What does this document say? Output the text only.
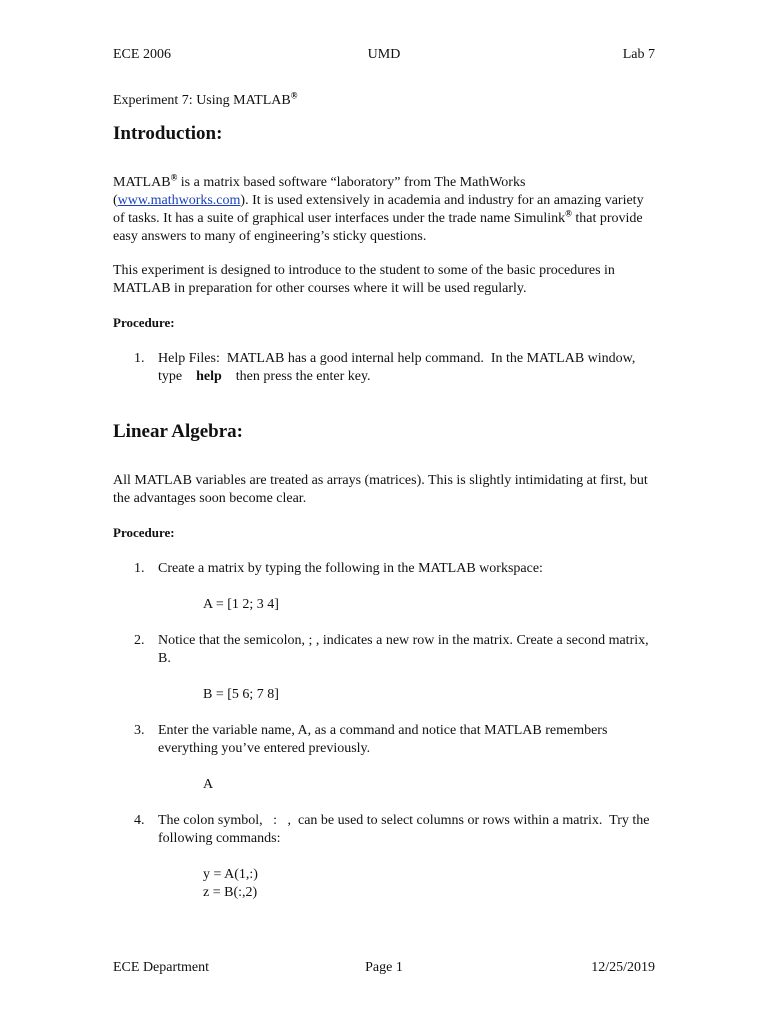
ECE 2006	UMD	Lab 7
Experiment 7: Using MATLAB®
Introduction:

MATLAB® is a matrix based software “laboratory” from The MathWorks (www.mathworks.com). It is used extensively in academia and industry for an amazing variety of tasks. It has a suite of graphical user interfaces under the trade name Simulink® that provide easy answers to many of engineering’s sticky questions.

This experiment is designed to introduce to the student to some of the basic procedures in MATLAB in preparation for other courses where it will be used regularly.

Procedure:
1. Help Files:  MATLAB has a good internal help command.  In the MATLAB window, type    help    then press the enter key.
Linear Algebra:

All MATLAB variables are treated as arrays (matrices). This is slightly intimidating at first, but the advantages soon become clear.

Procedure:
1. Create a matrix by typing the following in the MATLAB workspace:
A = [1 2; 3 4]
2. Notice that the semicolon, ; , indicates a new row in the matrix. Create a second matrix, B.
B = [5 6; 7 8]
3. Enter the variable name, A, as a command and notice that MATLAB remembers everything you’ve entered previously.
A
4. The colon symbol,   :   ,  can be used to select columns or rows within a matrix.  Try the following commands:
y = A(1,:)
z = B(:,2)
ECE Department	Page 1	12/25/2019
